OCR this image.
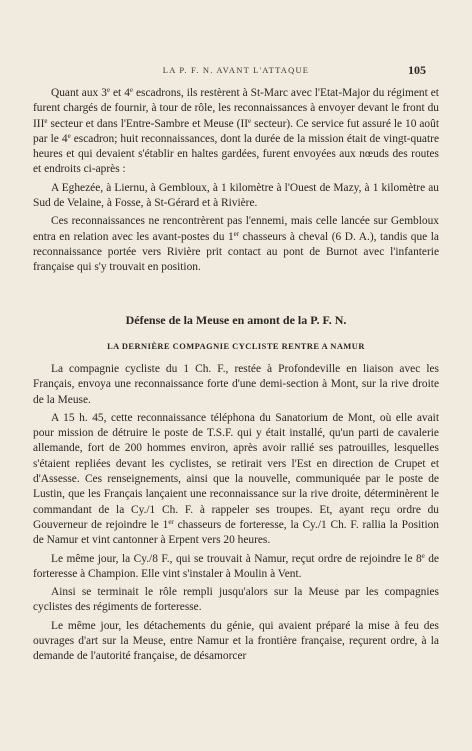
LA P. F. N. AVANT L'ATTAQUE	105

Quant aux 3e et 4e escadrons, ils restèrent à St-Marc avec l'Etat-Major du régiment et furent chargés de fournir, à tour de rôle, les reconnaissances à envoyer devant le front du IIIe secteur et dans l'Entre-Sambre et Meuse (IIe secteur). Ce service fut assuré le 10 août par le 4e escadron; huit reconnaissances, dont la durée de la mission était de vingt-quatre heures et qui devaient s'établir en haltes gardées, furent envoyées aux nœuds des routes et endroits ci-après :

A Eghezée, à Liernu, à Gembloux, à 1 kilomètre à l'Ouest de Mazy, à 1 kilomètre au Sud de Velaine, à Fosse, à St-Gérard et à Rivière.

Ces reconnaissances ne rencontrèrent pas l'ennemi, mais celle lancée sur Gembloux entra en relation avec les avant-postes du 1er chasseurs à cheval (6 D. A.), tandis que la reconnaissance portée vers Rivière prit contact au pont de Burnot avec l'infanterie française qui s'y trouvait en position.

Défense de la Meuse en amont de la P. F. N.
LA DERNIÈRE COMPAGNIE CYCLISTE RENTRE A NAMUR

La compagnie cycliste du 1 Ch. F., restée à Profondeville en liaison avec les Français, envoya une reconnaissance forte d'une demi-section à Mont, sur la rive droite de la Meuse.

A 15 h. 45, cette reconnaissance téléphona du Sanatorium de Mont, où elle avait pour mission de détruire le poste de T.S.F. qui y était installé, qu'un parti de cavalerie allemande, fort de 200 hommes environ, après avoir rallié ses patrouilles, lesquelles s'étaient repliées devant les cyclistes, se retirait vers l'Est en direction de Crupet et d'Assesse. Ces renseignements, ainsi que la nouvelle, communiquée par le poste de Lustin, que les Français lançaient une reconnaissance sur la rive droite, déterminèrent le commandant de la Cy./1 Ch. F. à rappeler ses troupes. Et, ayant reçu ordre du Gouverneur de rejoindre le 1er chasseurs de forteresse, la Cy./1 Ch. F. rallia la Position de Namur et vint cantonner à Erpent vers 20 heures.

Le même jour, la Cy./8 F., qui se trouvait à Namur, reçut ordre de rejoindre le 8e de forteresse à Champion. Elle vint s'instaler à Moulin à Vent.

Ainsi se terminait le rôle rempli jusqu'alors sur la Meuse par les compagnies cyclistes des régiments de forteresse.

Le même jour, les détachements du génie, qui avaient préparé la mise à feu des ouvrages d'art sur la Meuse, entre Namur et la frontière française, reçurent ordre, à la demande de l'autorité française, de désamorcer
